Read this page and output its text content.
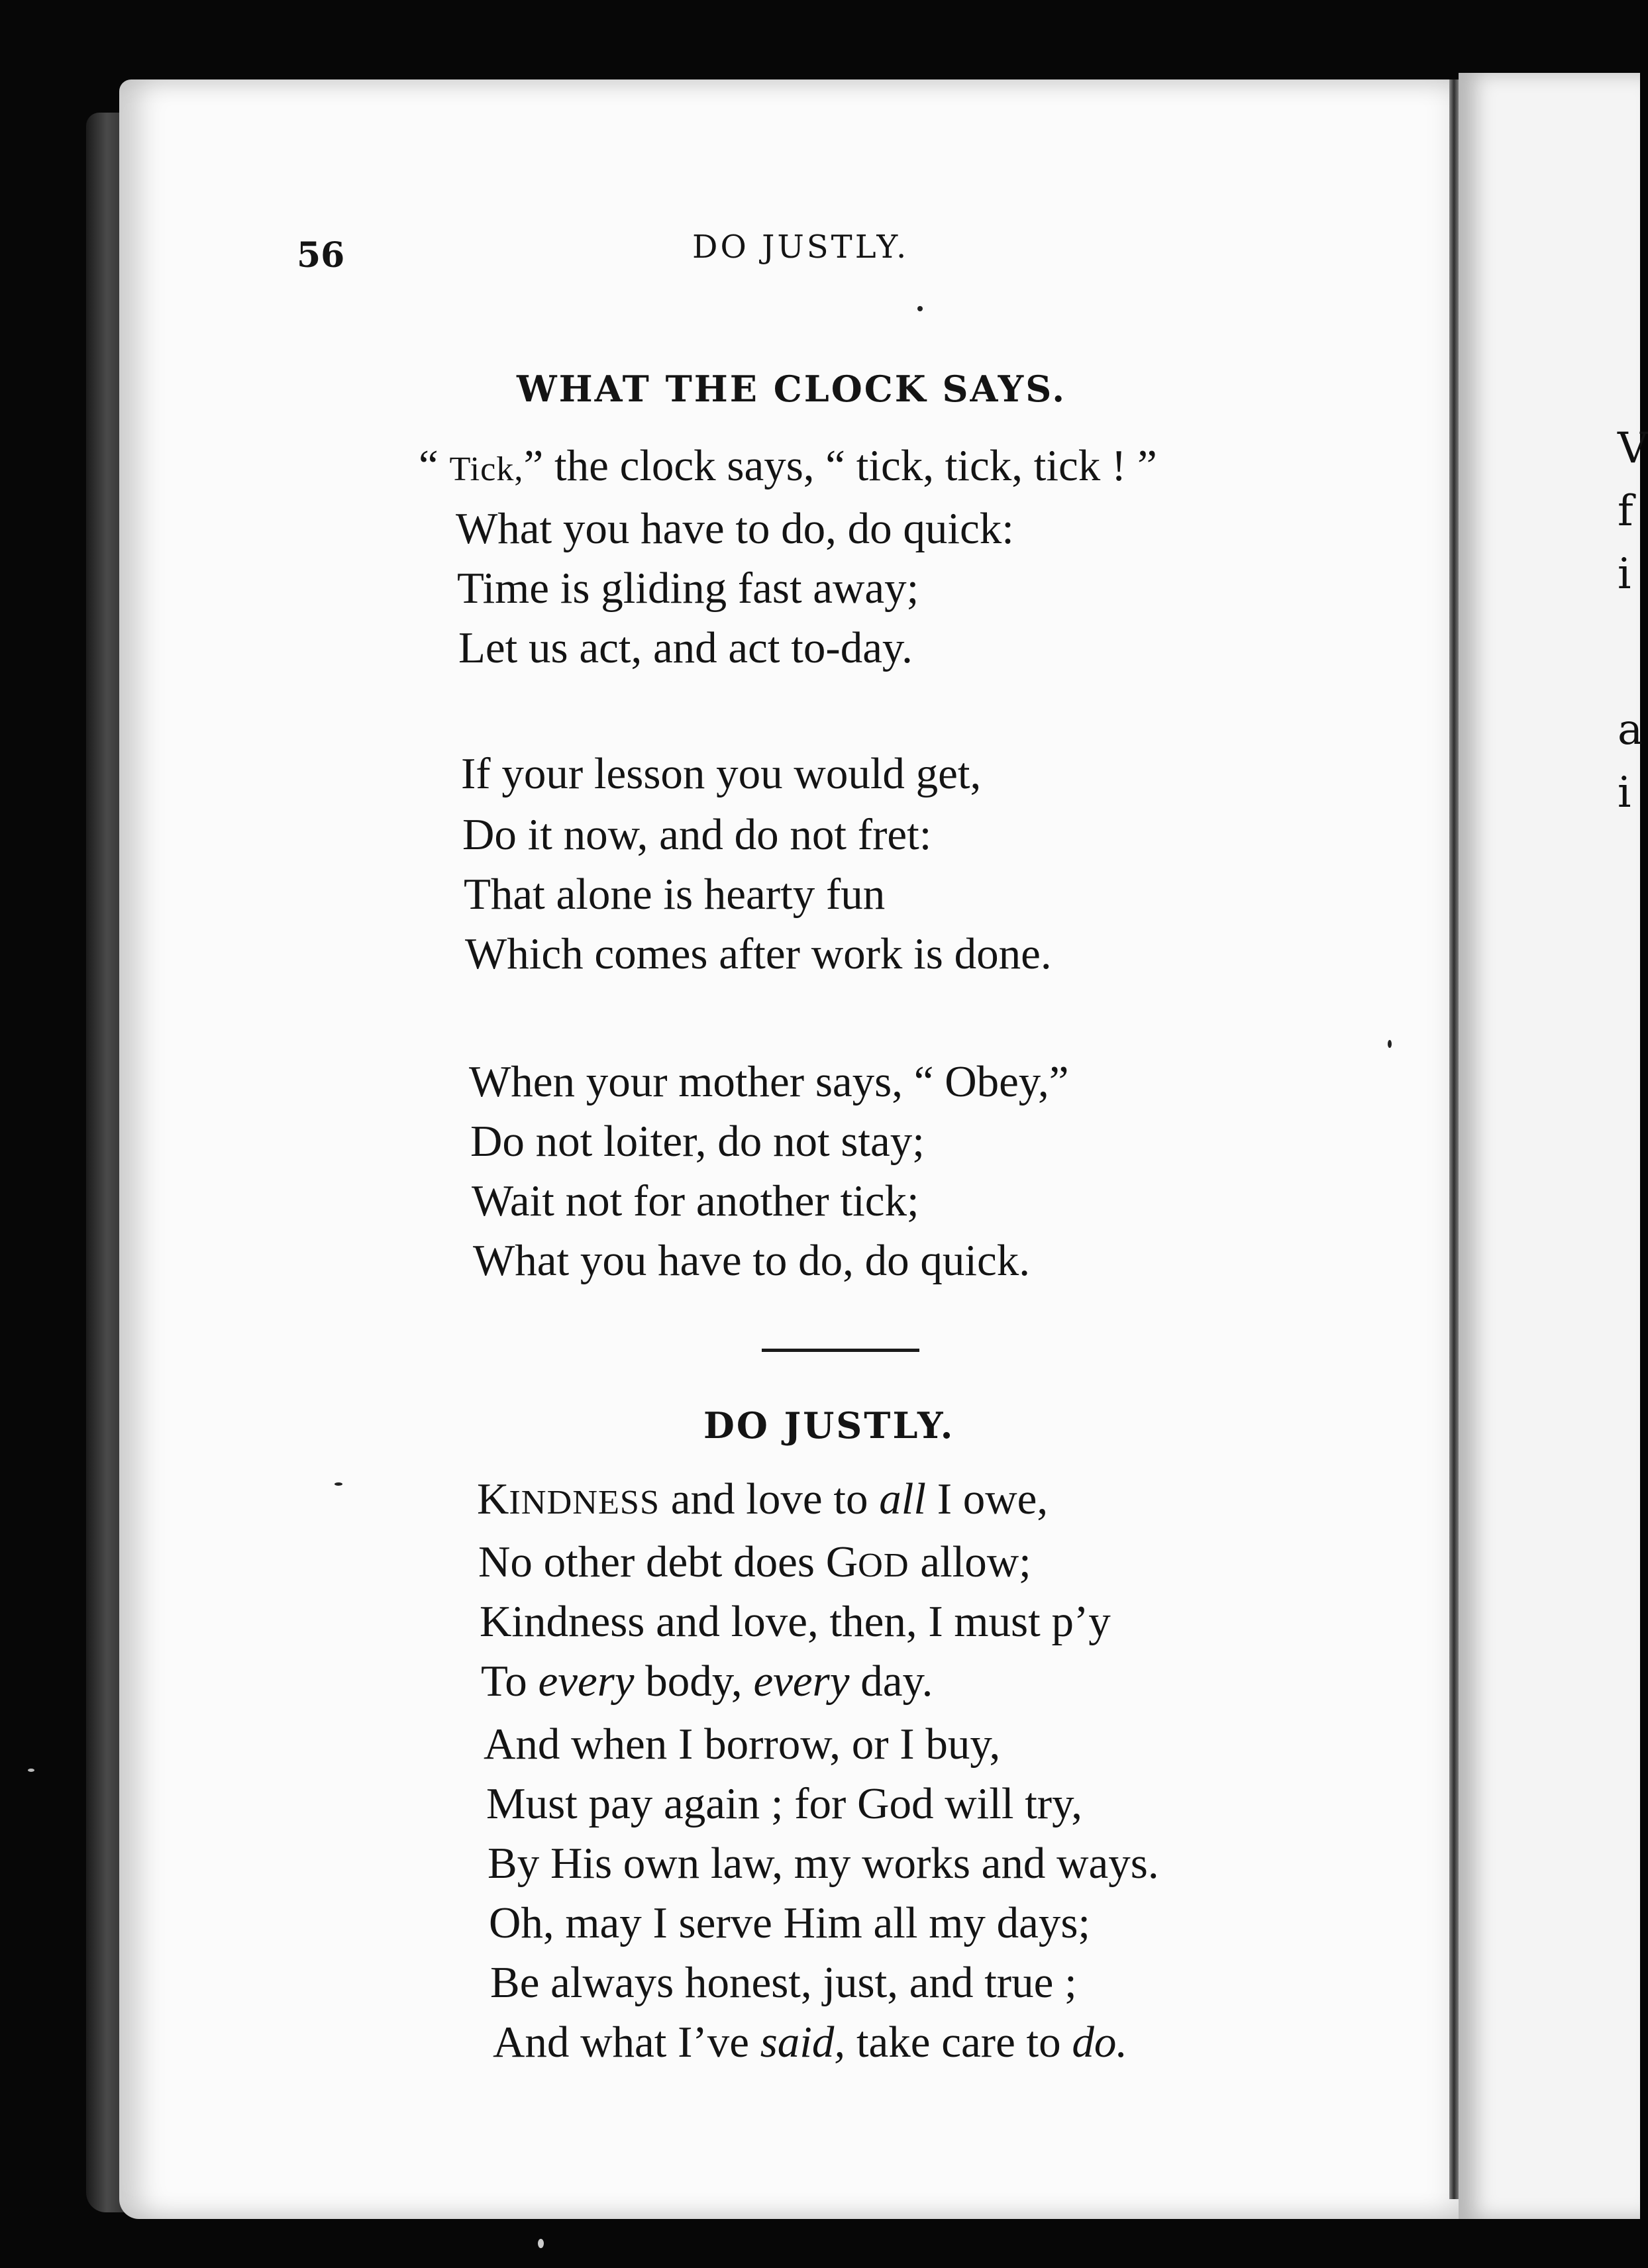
V
f
i
a
i
56	DO JUSTLY.
WHAT THE CLOCK SAYS.
“ Tick,” the clock says, “ tick, tick, tick ! ”
What you have to do, do quick:
Time is gliding fast away;
Let us act, and act to-day.
If your lesson you would get,
Do it now, and do not fret:
That alone is hearty fun
Which comes after work is done.
When your mother says, “ Obey,”
Do not loiter, do not stay;
Wait not for another tick;
What you have to do, do quick.
DO JUSTLY.
KINDNESS and love to all I owe,
No other debt does GOD allow;
Kindness and love, then, I must p’y
To every body, every day.
And when I borrow, or I buy,
Must pay again ; for God will try,
By His own law, my works and ways.
Oh, may I serve Him all my days;
Be always honest, just, and true ;
And what I’ve said, take care to do.
